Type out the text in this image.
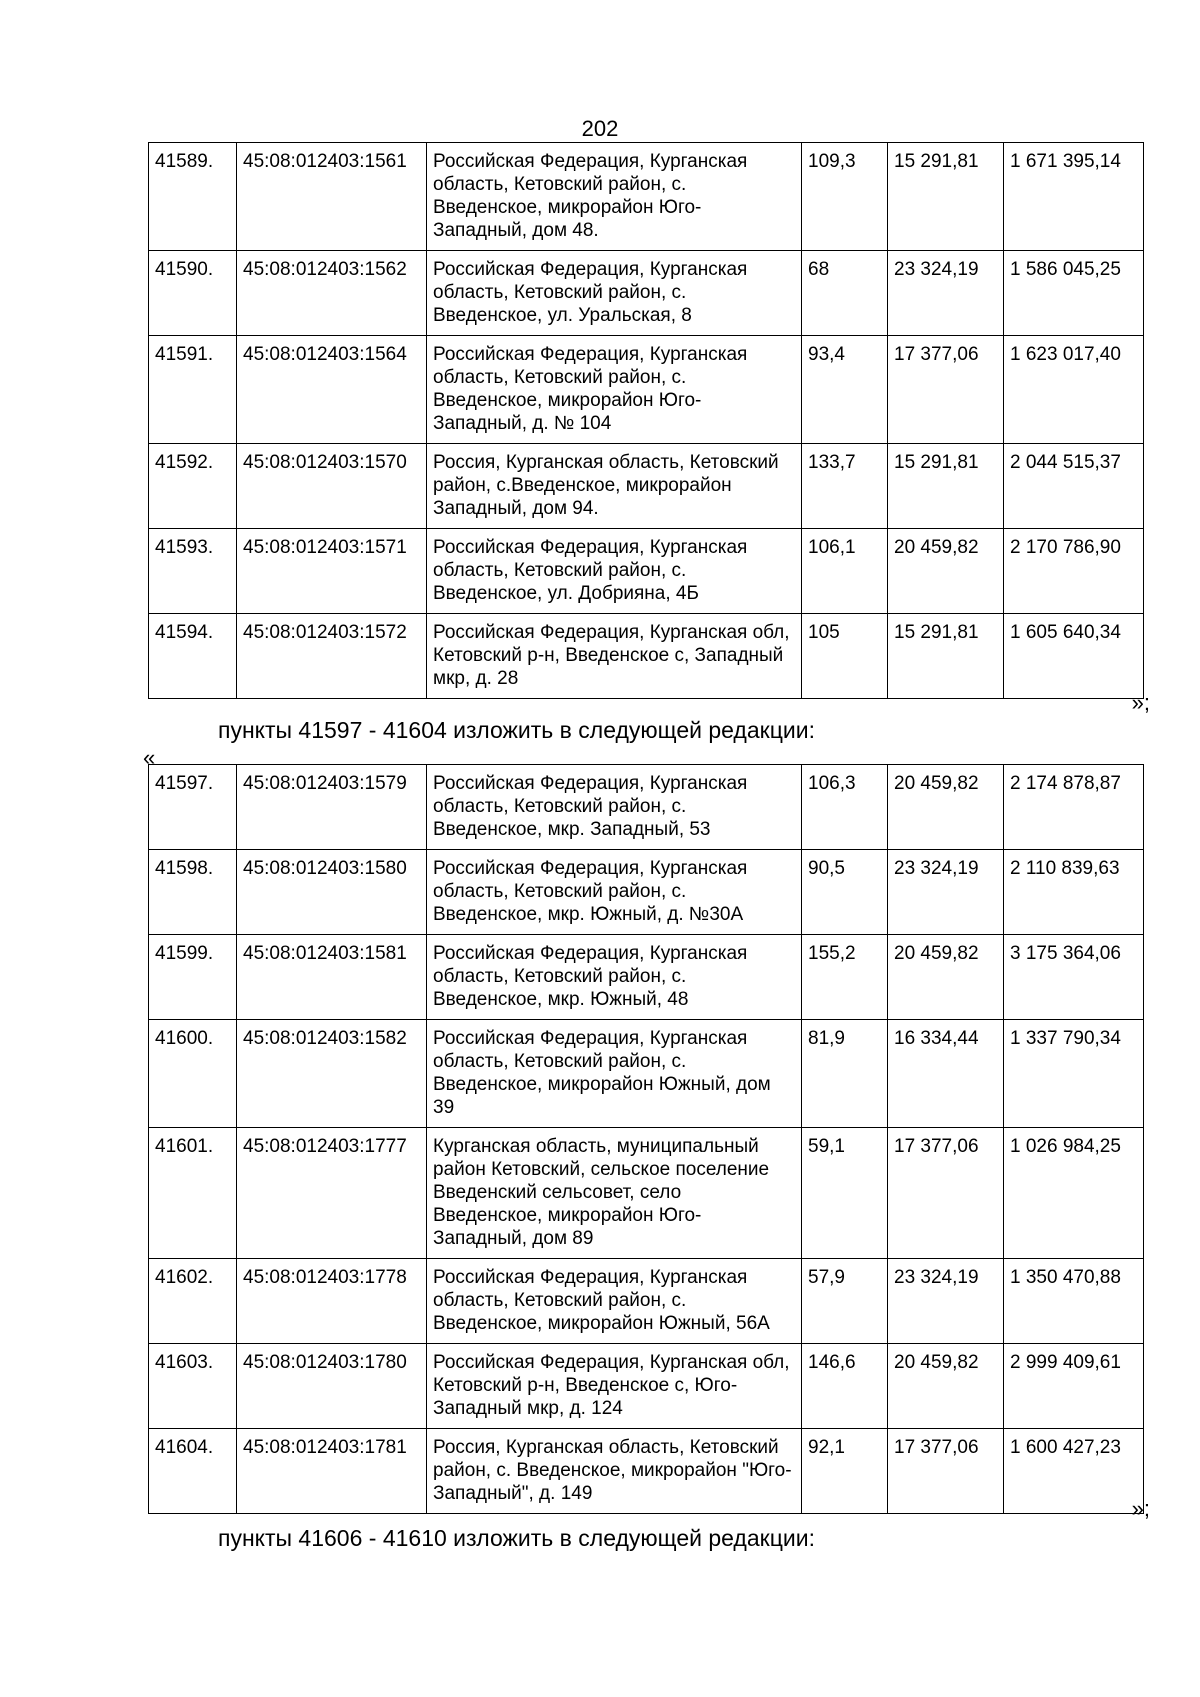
202
41589.	45:08:012403:1561	Российская Федерация, Курганская область, Кетовский район, с. Введенское, микрорайон Юго-Западный, дом 48.	109,3	15 291,81	1 671 395,14
41590.	45:08:012403:1562	Российская Федерация, Курганская область, Кетовский район, с. Введенское, ул. Уральская, 8	68	23 324,19	1 586 045,25
41591.	45:08:012403:1564	Российская Федерация, Курганская область, Кетовский район, с. Введенское, микрорайон Юго-Западный, д. № 104	93,4	17 377,06	1 623 017,40
41592.	45:08:012403:1570	Россия, Курганская область, Кетовский район, с.Введенское, микрорайон Западный, дом 94.	133,7	15 291,81	2 044 515,37
41593.	45:08:012403:1571	Российская Федерация, Курганская область, Кетовский район, с. Введенское, ул. Добрияна, 4Б	106,1	20 459,82	2 170 786,90
41594.	45:08:012403:1572	Российская Федерация, Курганская обл, Кетовский р-н, Введенское с, Западный мкр, д. 28	105	15 291,81	1 605 640,34
»;
пункты 41597 - 41604 изложить в следующей редакции:
«
41597.	45:08:012403:1579	Российская Федерация, Курганская область, Кетовский район, с. Введенское, мкр. Западный, 53	106,3	20 459,82	2 174 878,87
41598.	45:08:012403:1580	Российская Федерация, Курганская область, Кетовский район, с. Введенское, мкр. Южный, д. №30А	90,5	23 324,19	2 110 839,63
41599.	45:08:012403:1581	Российская Федерация, Курганская область, Кетовский район, с. Введенское, мкр. Южный, 48	155,2	20 459,82	3 175 364,06
41600.	45:08:012403:1582	Российская Федерация, Курганская область, Кетовский район, с. Введенское, микрорайон Южный, дом 39	81,9	16 334,44	1 337 790,34
41601.	45:08:012403:1777	Курганская область, муниципальный район Кетовский, сельское поселение Введенский сельсовет, село Введенское, микрорайон Юго-Западный, дом 89	59,1	17 377,06	1 026 984,25
41602.	45:08:012403:1778	Российская Федерация, Курганская область, Кетовский район, с. Введенское, микрорайон Южный, 56А	57,9	23 324,19	1 350 470,88
41603.	45:08:012403:1780	Российская Федерация, Курганская обл, Кетовский р-н, Введенское с, Юго-Западный мкр, д. 124	146,6	20 459,82	2 999 409,61
41604.	45:08:012403:1781	Россия, Курганская область, Кетовский район, с. Введенское, микрорайон "Юго-Западный", д. 149	92,1	17 377,06	1 600 427,23
»;
пункты 41606 - 41610 изложить в следующей редакции:
